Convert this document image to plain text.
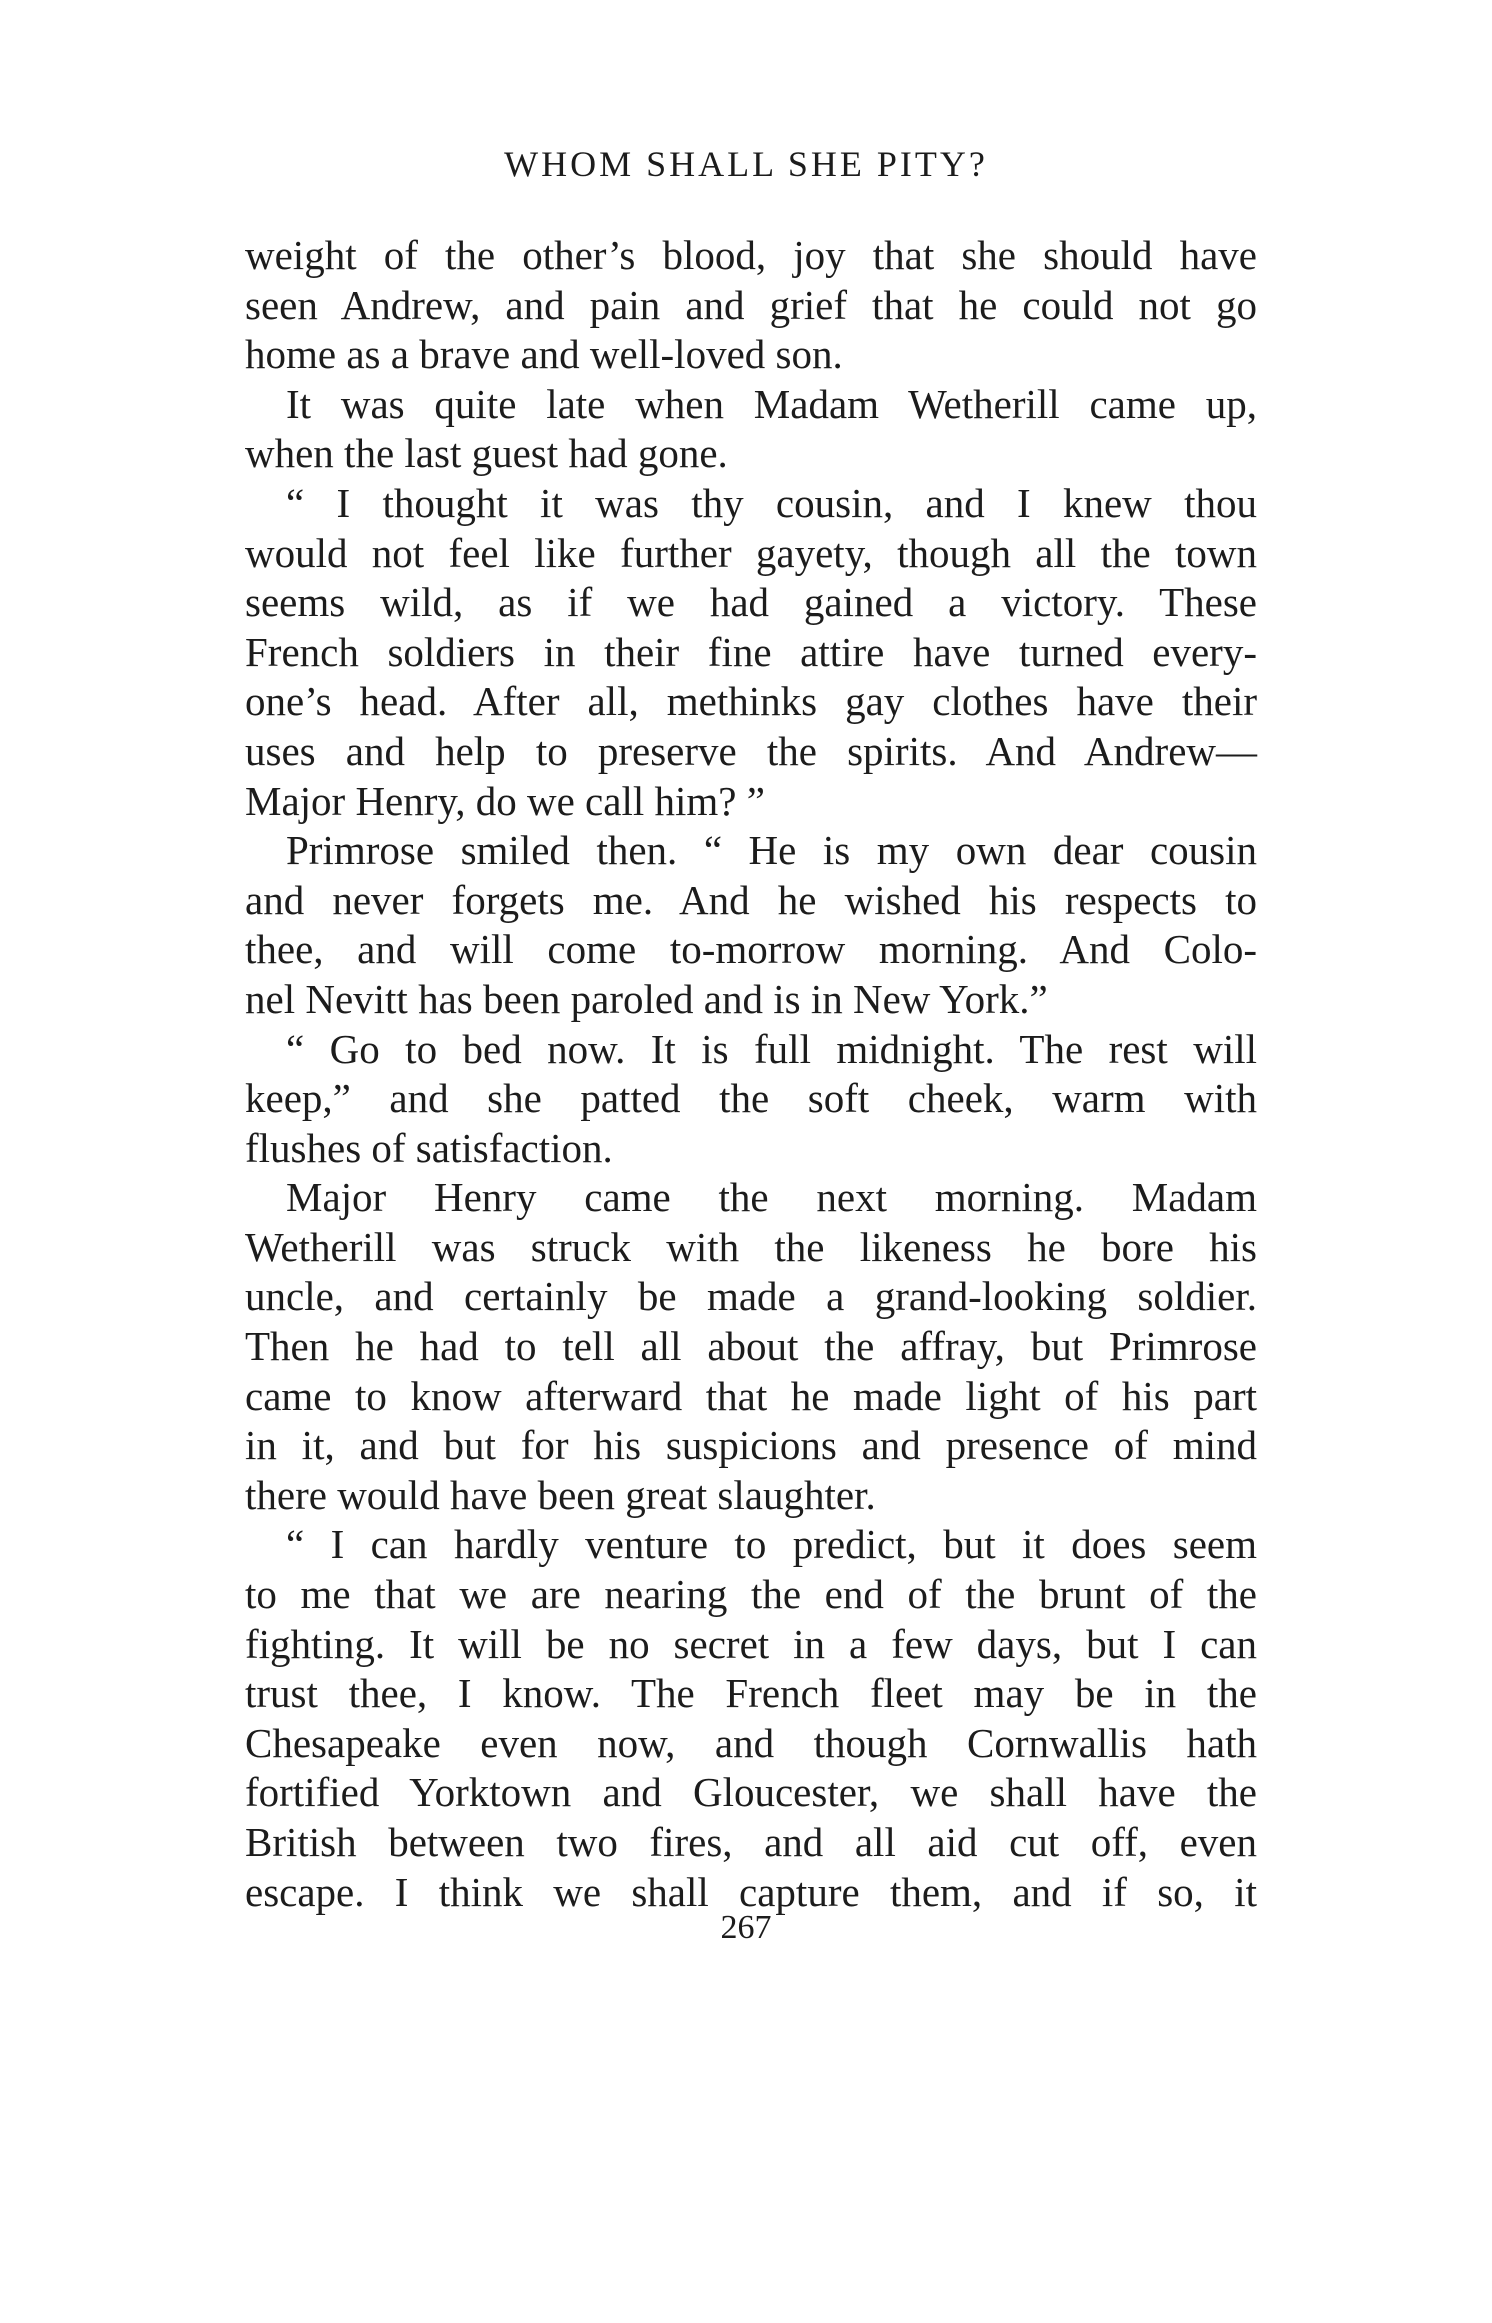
WHOM SHALL SHE PITY?
weight of the other’s blood, joy that she should have
seen Andrew, and pain and grief that he could not go
home as a brave and well-loved son.
It was quite late when Madam Wetherill came up,
when the last guest had gone.
“ I thought it was thy cousin, and I knew thou
would not feel like further gayety, though all the town
seems wild, as if we had gained a victory. These
French soldiers in their fine attire have turned every-
one’s head. After all, methinks gay clothes have their
uses and help to preserve the spirits. And Andrew—
Major Henry, do we call him? ”
Primrose smiled then. “ He is my own dear cousin
and never forgets me. And he wished his respects to
thee, and will come to-morrow morning. And Colo-
nel Nevitt has been paroled and is in New York.”
“ Go to bed now. It is full midnight. The rest will
keep,” and she patted the soft cheek, warm with
flushes of satisfaction.
Major Henry came the next morning. Madam
Wetherill was struck with the likeness he bore his
uncle, and certainly be made a grand-looking soldier.
Then he had to tell all about the affray, but Primrose
came to know afterward that he made light of his part
in it, and but for his suspicions and presence of mind
there would have been great slaughter.
“ I can hardly venture to predict, but it does seem
to me that we are nearing the end of the brunt of the
fighting. It will be no secret in a few days, but I can
trust thee, I know. The French fleet may be in the
Chesapeake even now, and though Cornwallis hath
fortified Yorktown and Gloucester, we shall have the
British between two fires, and all aid cut off, even
escape. I think we shall capture them, and if so, it
267
